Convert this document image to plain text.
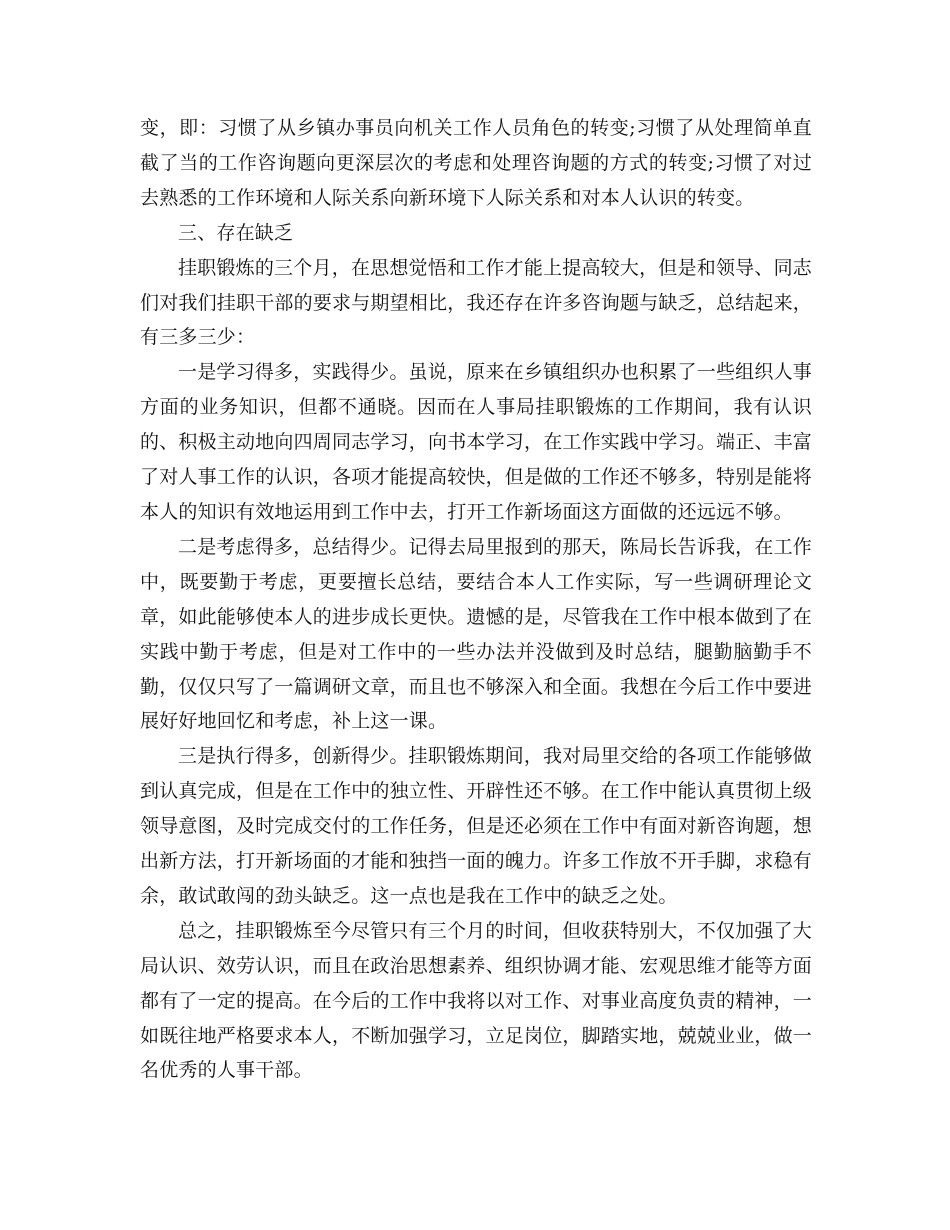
变，即：习惯了从乡镇办事员向机关工作人员角色的转变;习惯了从处理简单直截了当的工作咨询题向更深层次的考虑和处理咨询题的方式的转变;习惯了对过去熟悉的工作环境和人际关系向新环境下人际关系和对本人认识的转变。

三、存在缺乏

挂职锻炼的三个月，在思想觉悟和工作才能上提高较大，但是和领导、同志们对我们挂职干部的要求与期望相比，我还存在许多咨询题与缺乏，总结起来，有三多三少：

一是学习得多，实践得少。虽说，原来在乡镇组织办也积累了一些组织人事方面的业务知识，但都不通晓。因而在人事局挂职锻炼的工作期间，我有认识的、积极主动地向四周同志学习，向书本学习，在工作实践中学习。端正、丰富了对人事工作的认识，各项才能提高较快，但是做的工作还不够多，特别是能将本人的知识有效地运用到工作中去，打开工作新场面这方面做的还远远不够。

二是考虑得多，总结得少。记得去局里报到的那天，陈局长告诉我，在工作中，既要勤于考虑，更要擅长总结，要结合本人工作实际，写一些调研理论文章，如此能够使本人的进步成长更快。遗憾的是，尽管我在工作中根本做到了在实践中勤于考虑，但是对工作中的一些办法并没做到及时总结，腿勤脑勤手不勤，仅仅只写了一篇调研文章，而且也不够深入和全面。我想在今后工作中要进展好好地回忆和考虑，补上这一课。

三是执行得多，创新得少。挂职锻炼期间，我对局里交给的各项工作能够做到认真完成，但是在工作中的独立性、开辟性还不够。在工作中能认真贯彻上级领导意图，及时完成交付的工作任务，但是还必须在工作中有面对新咨询题，想出新方法，打开新场面的才能和独挡一面的魄力。许多工作放不开手脚，求稳有余，敢试敢闯的劲头缺乏。这一点也是我在工作中的缺乏之处。

总之，挂职锻炼至今尽管只有三个月的时间，但收获特别大，不仅加强了大局认识、效劳认识，而且在政治思想素养、组织协调才能、宏观思维才能等方面都有了一定的提高。在今后的工作中我将以对工作、对事业高度负责的精神，一如既往地严格要求本人，不断加强学习，立足岗位，脚踏实地，兢兢业业，做一名优秀的人事干部。
